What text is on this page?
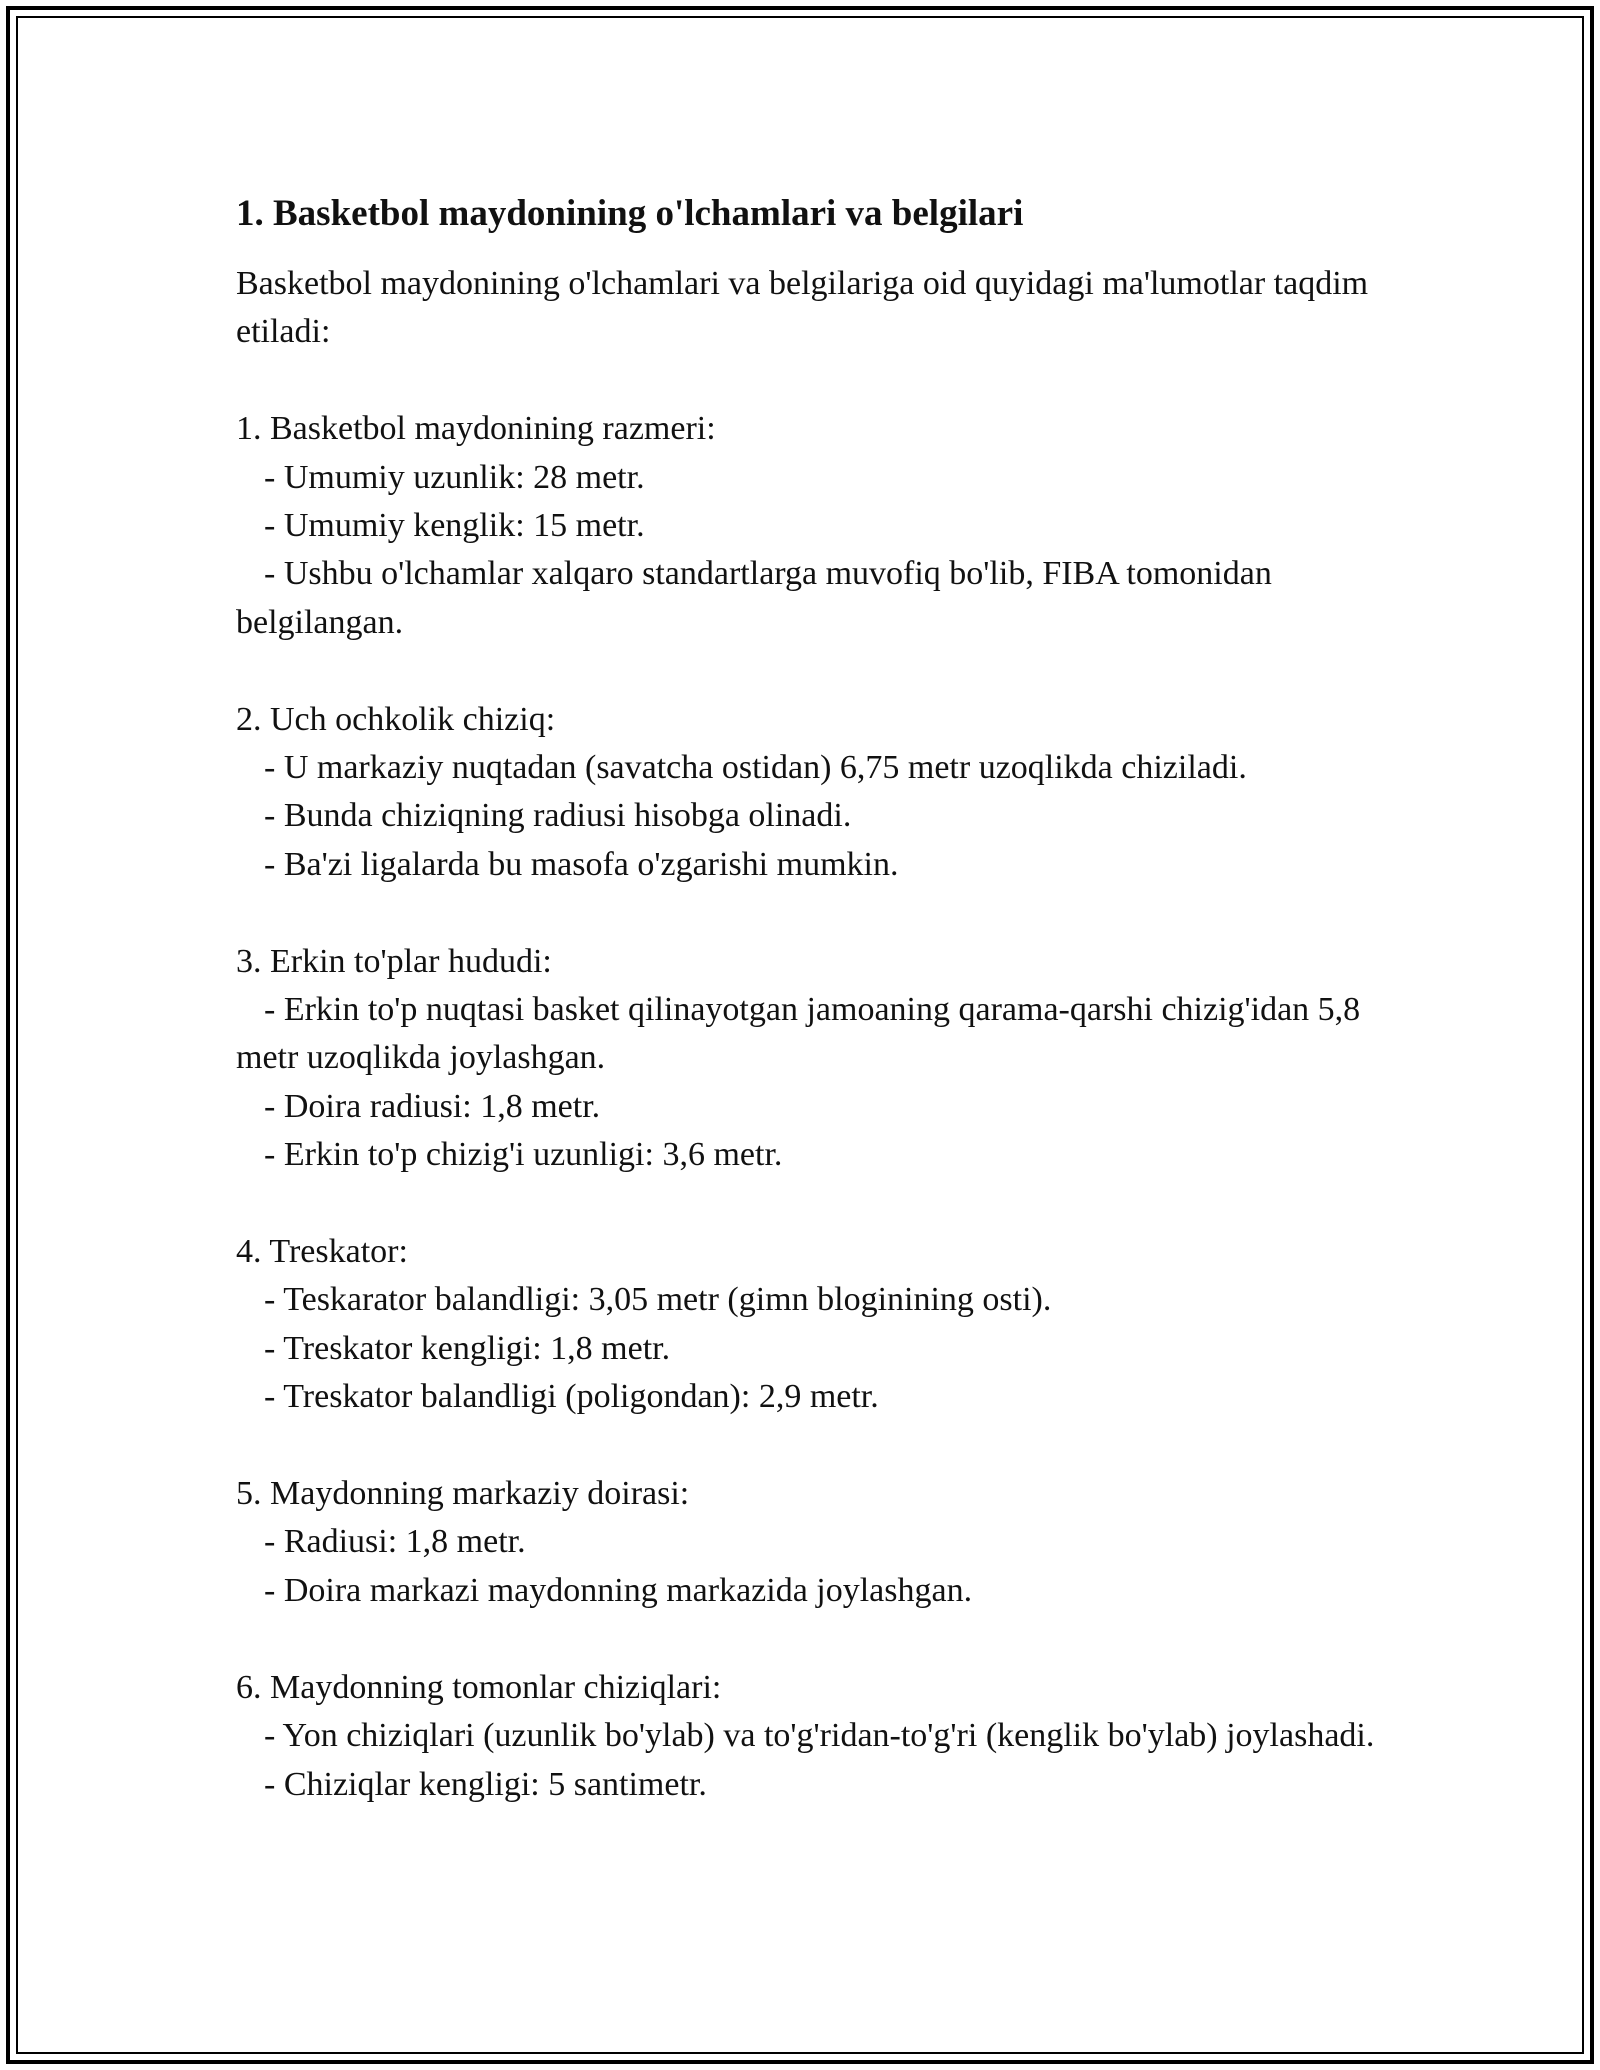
1. Basketbol maydonining o'lchamlari va belgilari

Basketbol maydonining o'lchamlari va belgilariga oid quyidagi ma'lumotlar taqdim etiladi:

1. Basketbol maydonining razmeri:

- Umumiy uzunlik: 28 metr.

- Umumiy kenglik: 15 metr.

- Ushbu o'lchamlar xalqaro standartlarga muvofiq bo'lib, FIBA tomonidan belgilangan.

2. Uch ochkolik chiziq:

- U markaziy nuqtadan (savatcha ostidan) 6,75 metr uzoqlikda chiziladi.

- Bunda chiziqning radiusi hisobga olinadi.

- Ba'zi ligalarda bu masofa o'zgarishi mumkin.

3. Erkin to'plar hududi:

- Erkin to'p nuqtasi basket qilinayotgan jamoaning qarama-qarshi chizig'idan 5,8 metr uzoqlikda joylashgan.

- Doira radiusi: 1,8 metr.

- Erkin to'p chizig'i uzunligi: 3,6 metr.

4. Treskator:

- Teskarator balandligi: 3,05 metr (gimn bloginining osti).

- Treskator kengligi: 1,8 metr.

- Treskator balandligi (poligondan): 2,9 metr.

5. Maydonning markaziy doirasi:

- Radiusi: 1,8 metr.

- Doira markazi maydonning markazida joylashgan.

6. Maydonning tomonlar chiziqlari:

- Yon chiziqlari (uzunlik bo'ylab) va to'g'ridan-to'g'ri (kenglik bo'ylab) joylashadi.

- Chiziqlar kengligi: 5 santimetr.
